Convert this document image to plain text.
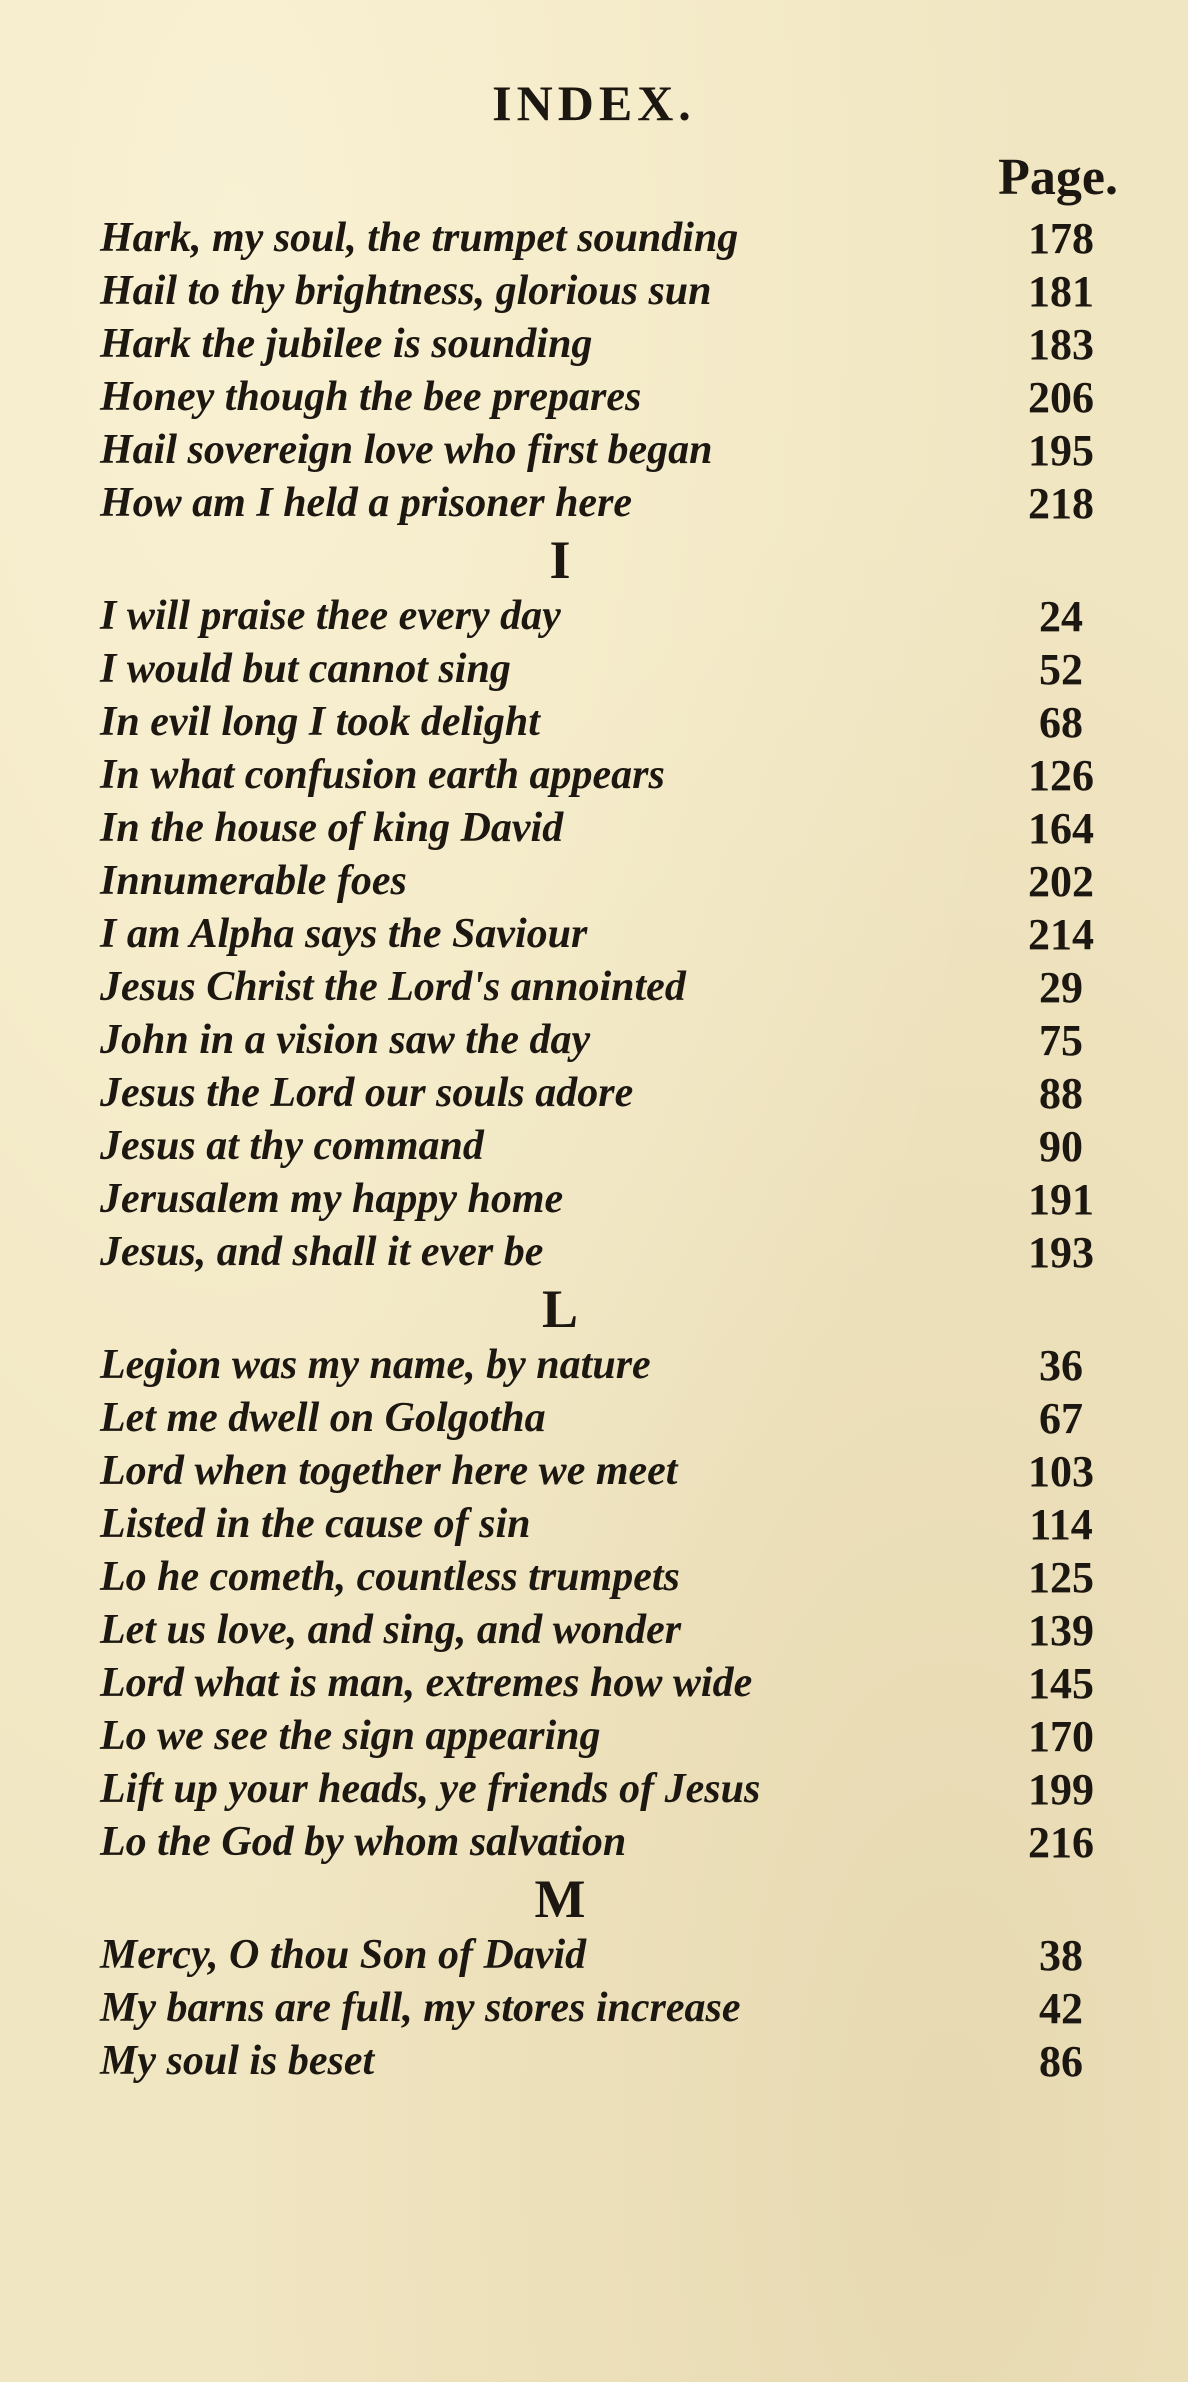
INDEX.
Page.
Hark, my soul, the trumpet sounding	178
Hail to thy brightness, glorious sun	181
Hark the jubilee is sounding	183
Honey though the bee prepares	206
Hail sovereign love who first began	195
How am I held a prisoner here	218
I
I will praise thee every day	24
I would but cannot sing	52
In evil long I took delight	68
In what confusion earth appears	126
In the house of king David	164
Innumerable foes	202
I am Alpha says the Saviour	214
Jesus Christ the Lord's annointed	29
John in a vision saw the day	75
Jesus the Lord our souls adore	88
Jesus at thy command	90
Jerusalem my happy home	191
Jesus, and shall it ever be	193
L
Legion was my name, by nature	36
Let me dwell on Golgotha	67
Lord when together here we meet	103
Listed in the cause of sin	114
Lo he cometh, countless trumpets	125
Let us love, and sing, and wonder	139
Lord what is man, extremes how wide	145
Lo we see the sign appearing	170
Lift up your heads, ye friends of Jesus	199
Lo the God by whom salvation	216
M
Mercy, O thou Son of David	38
My barns are full, my stores increase	42
My soul is beset	86
